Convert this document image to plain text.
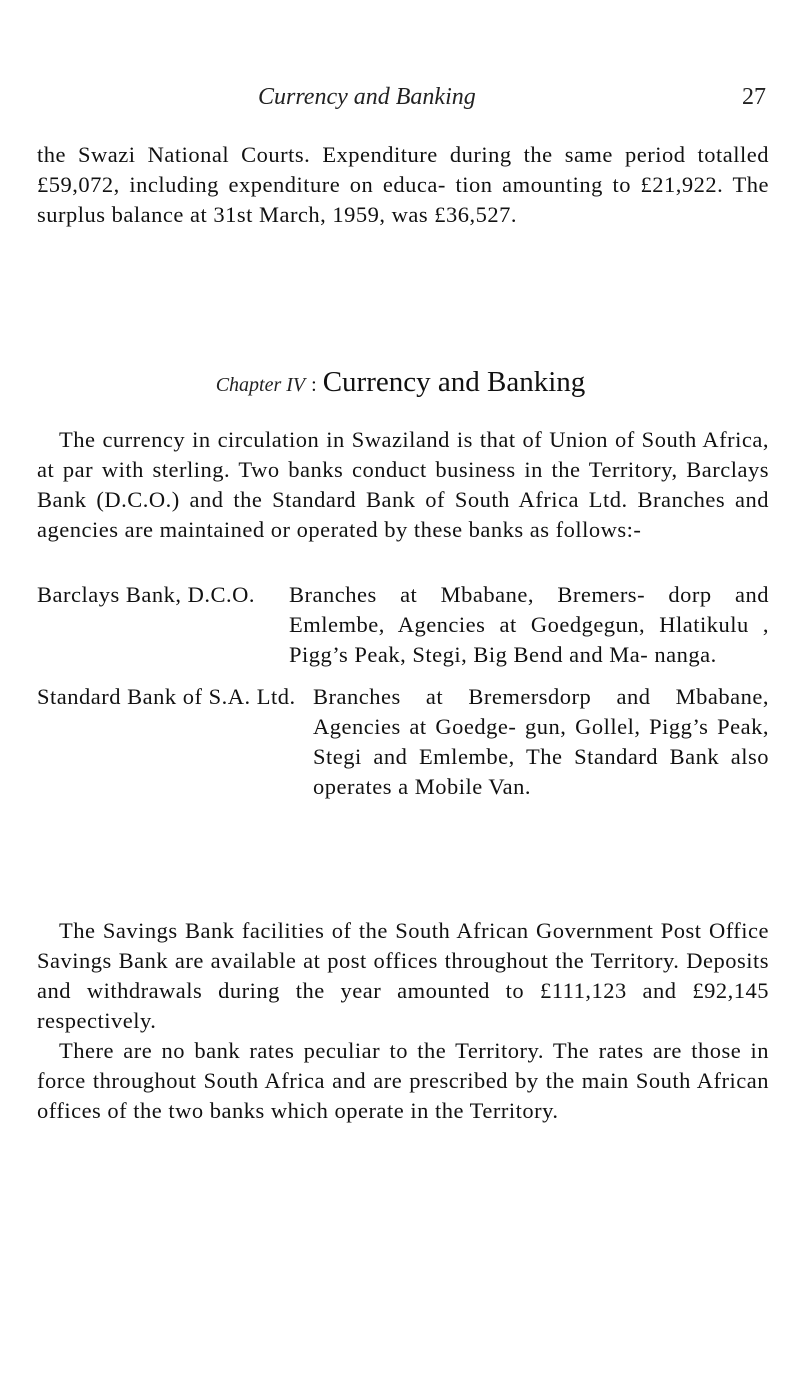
Currency and Banking	27

the Swazi National Courts. Expenditure during the same period totalled £59,072, including expenditure on educa- tion amounting to £21,922. The surplus balance at 31st March, 1959, was £36,527.

Chapter IV : Currency and Banking

The currency in circulation in Swaziland is that of Union of South Africa, at par with sterling. Two banks conduct business in the Territory, Barclays Bank (D.C.O.) and the Standard Bank of South Africa Ltd. Branches and agencies are maintained or operated by these banks as follows:-

Barclays Bank, D.C.O.	Branches at Mbabane, Bremers- dorp and Emlembe, Agencies at Goedgegun, Hlatikulu , Pigg’s Peak, Stegi, Big Bend and Ma- nanga.
Standard Bank of S.A. Ltd. Branches at Bremersdorp and Mbabane, Agencies at Goedge- gun, Gollel, Pigg’s Peak, Stegi and Emlembe, The Standard Bank also operates a Mobile Van.

The Savings Bank facilities of the South African Government Post Office Savings Bank are available at post offices throughout the Territory. Deposits and withdrawals during the year amounted to £111,123 and £92,145 respectively.

There are no bank rates peculiar to the Territory. The rates are those in force throughout South Africa and are prescribed by the main South African offices of the two banks which operate in the Territory.
